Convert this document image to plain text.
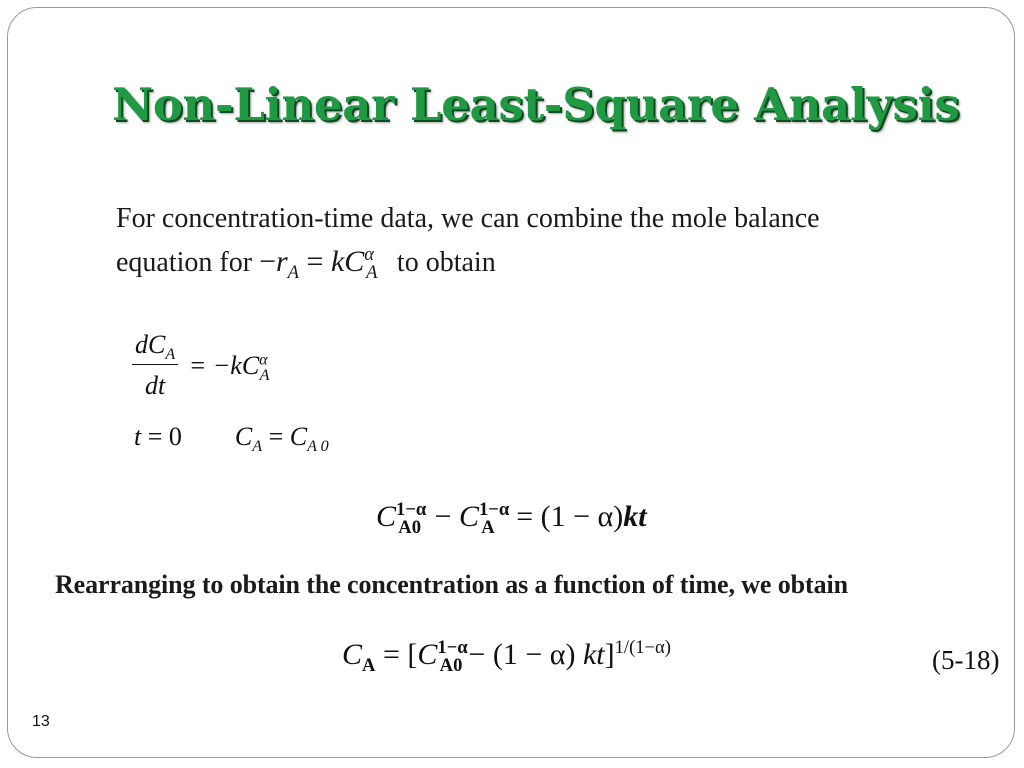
Non-Linear Least-Square Analysis
For concentration-time data, we can combine the mole balance
equation for $-r_A = kC^\alpha_A$ to obtain
$\frac{dC_A}{dt} = -kC^\alpha_A$
t = 0 $C_A = C_{A 0}$
$C^{1-\alpha}_{A0} - C^{1-\alpha}_A = (1 - \alpha)kt$
Rearranging to obtain the concentration as a function of time, we obtain
$C_A = [C^{1-\alpha}_{A0} - (1 - \alpha)$ kt]$^{1/(1-\alpha)}$	(5-18)
13
